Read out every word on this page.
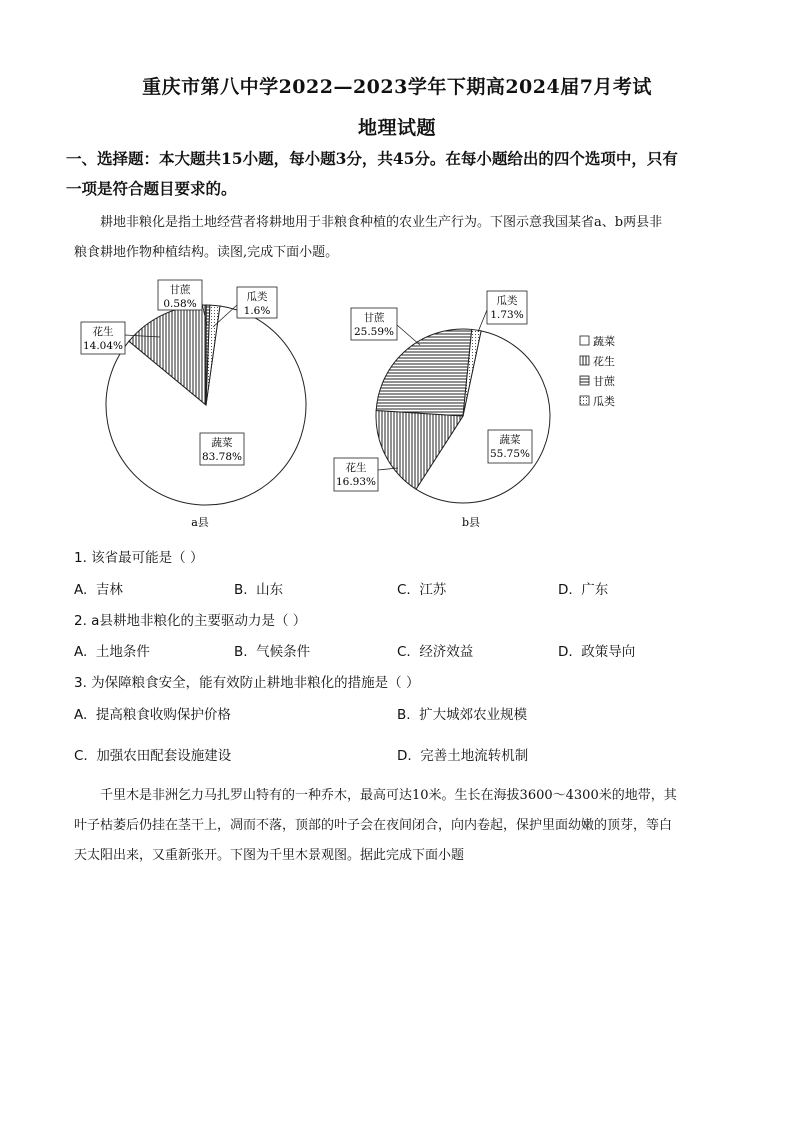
重庆市第八中学2022—2023学年下期高2024届7月考试
地理试题
一、选择题：本大题共15小题，每小题3分，共45分。在每小题给出的四个选项中，只有
一项是符合题目要求的。
耕地非粮化是指土地经营者将耕地用于非粮食种植的农业生产行为。下图示意我国某省a、b两县非
粮食耕地作物种植结构。读图,完成下面小题。
甘蔗
0.58%
瓜类
1.6%
花生
14.04%
蔬菜
83.78%
甘蔗
25.59%
瓜类
1.73%
花生
16.93%
蔬菜
55.75%
a县	b县
蔬菜
花生
甘蔗
瓜类
1. 该省最可能是（ ）
A. 吉林	B. 山东	C. 江苏	D. 广东
2. a县耕地非粮化的主要驱动力是（ ）
A. 土地条件	B. 气候条件	C. 经济效益	D. 政策导向
3. 为保障粮食安全，能有效防止耕地非粮化的措施是（ ）
A. 提高粮食收购保护价格	B. 扩大城郊农业规模
C. 加强农田配套设施建设	D. 完善土地流转机制
千里木是非洲乞力马扎罗山特有的一种乔木，最高可达10米。生长在海拔3600～4300米的地带，其
叶子枯萎后仍挂在茎干上，凋而不落，顶部的叶子会在夜间闭合，向内卷起，保护里面幼嫩的顶芽，等白
天太阳出来，又重新张开。下图为千里木景观图。据此完成下面小题
